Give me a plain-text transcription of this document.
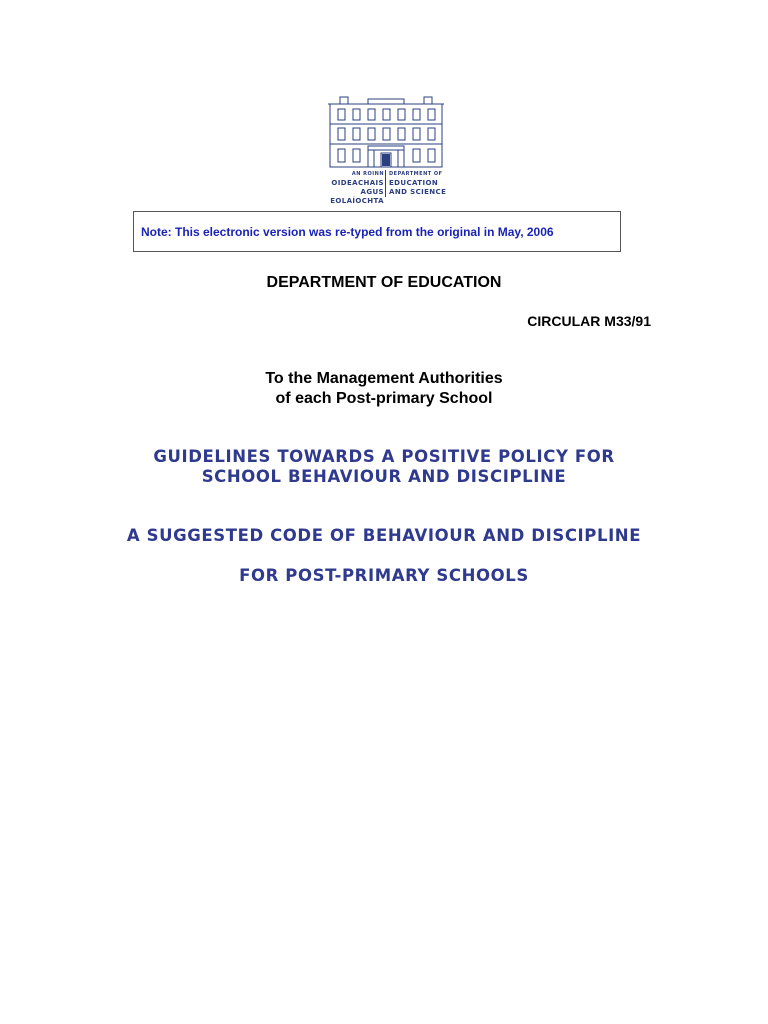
AN ROINN
OIDEACHAIS
AGUS EOLAÍOCHTA
DEPARTMENT OF
EDUCATION
AND SCIENCE
Note: This electronic version was re-typed from the original in May, 2006
DEPARTMENT OF EDUCATION
CIRCULAR M33/91
To the Management Authorities
of each Post-primary School
GUIDELINES TOWARDS A POSITIVE POLICY FOR
SCHOOL BEHAVIOUR AND DISCIPLINE
A SUGGESTED CODE OF BEHAVIOUR AND DISCIPLINE
FOR POST-PRIMARY SCHOOLS
